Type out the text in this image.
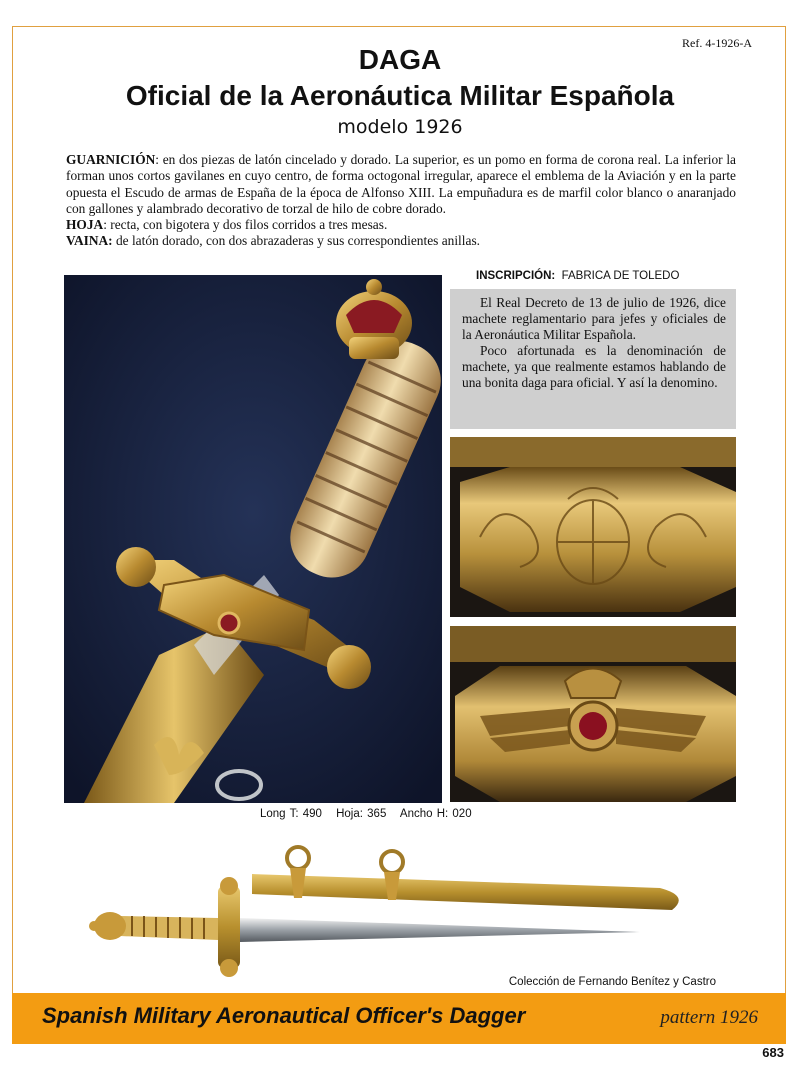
Ref. 4-1926-A
DAGA
Oficial de la Aeronáutica Militar Española
modelo 1926

GUARNICIÓN: en dos piezas de latón cincelado y dorado. La superior, es un pomo en forma de corona real. La inferior la forman unos cortos gavilanes en cuyo centro, de forma octogonal irregular, aparece el emblema de la Aviación y en la parte opuesta el Escudo de armas de España de la época de Alfonso XIII. La empuñadura es de marfil color blanco o anaranjado con gallones y alambrado decorativo de torzal de hilo de cobre dorado.

HOJA: recta, con bigotera y dos filos corridos a tres mesas.

VAINA: de latón dorado, con dos abrazaderas y sus correspondientes anillas.

INSCRIPCIÓN: FABRICA DE TOLEDO

El Real Decreto de 13 de julio de 1926, dice machete reglamentario para jefes y oficiales de la Aeronáutica Militar Española.

Poco afortunada es la denominación de machete, ya que realmente estamos hablando de una bonita daga para oficial. Y así la denomino.

Long T: 490 Hoja: 365 Ancho H: 020
Colección de Fernando Benítez y Castro
Spanish Military Aeronautical Officer's Dagger	pattern 1926
683
